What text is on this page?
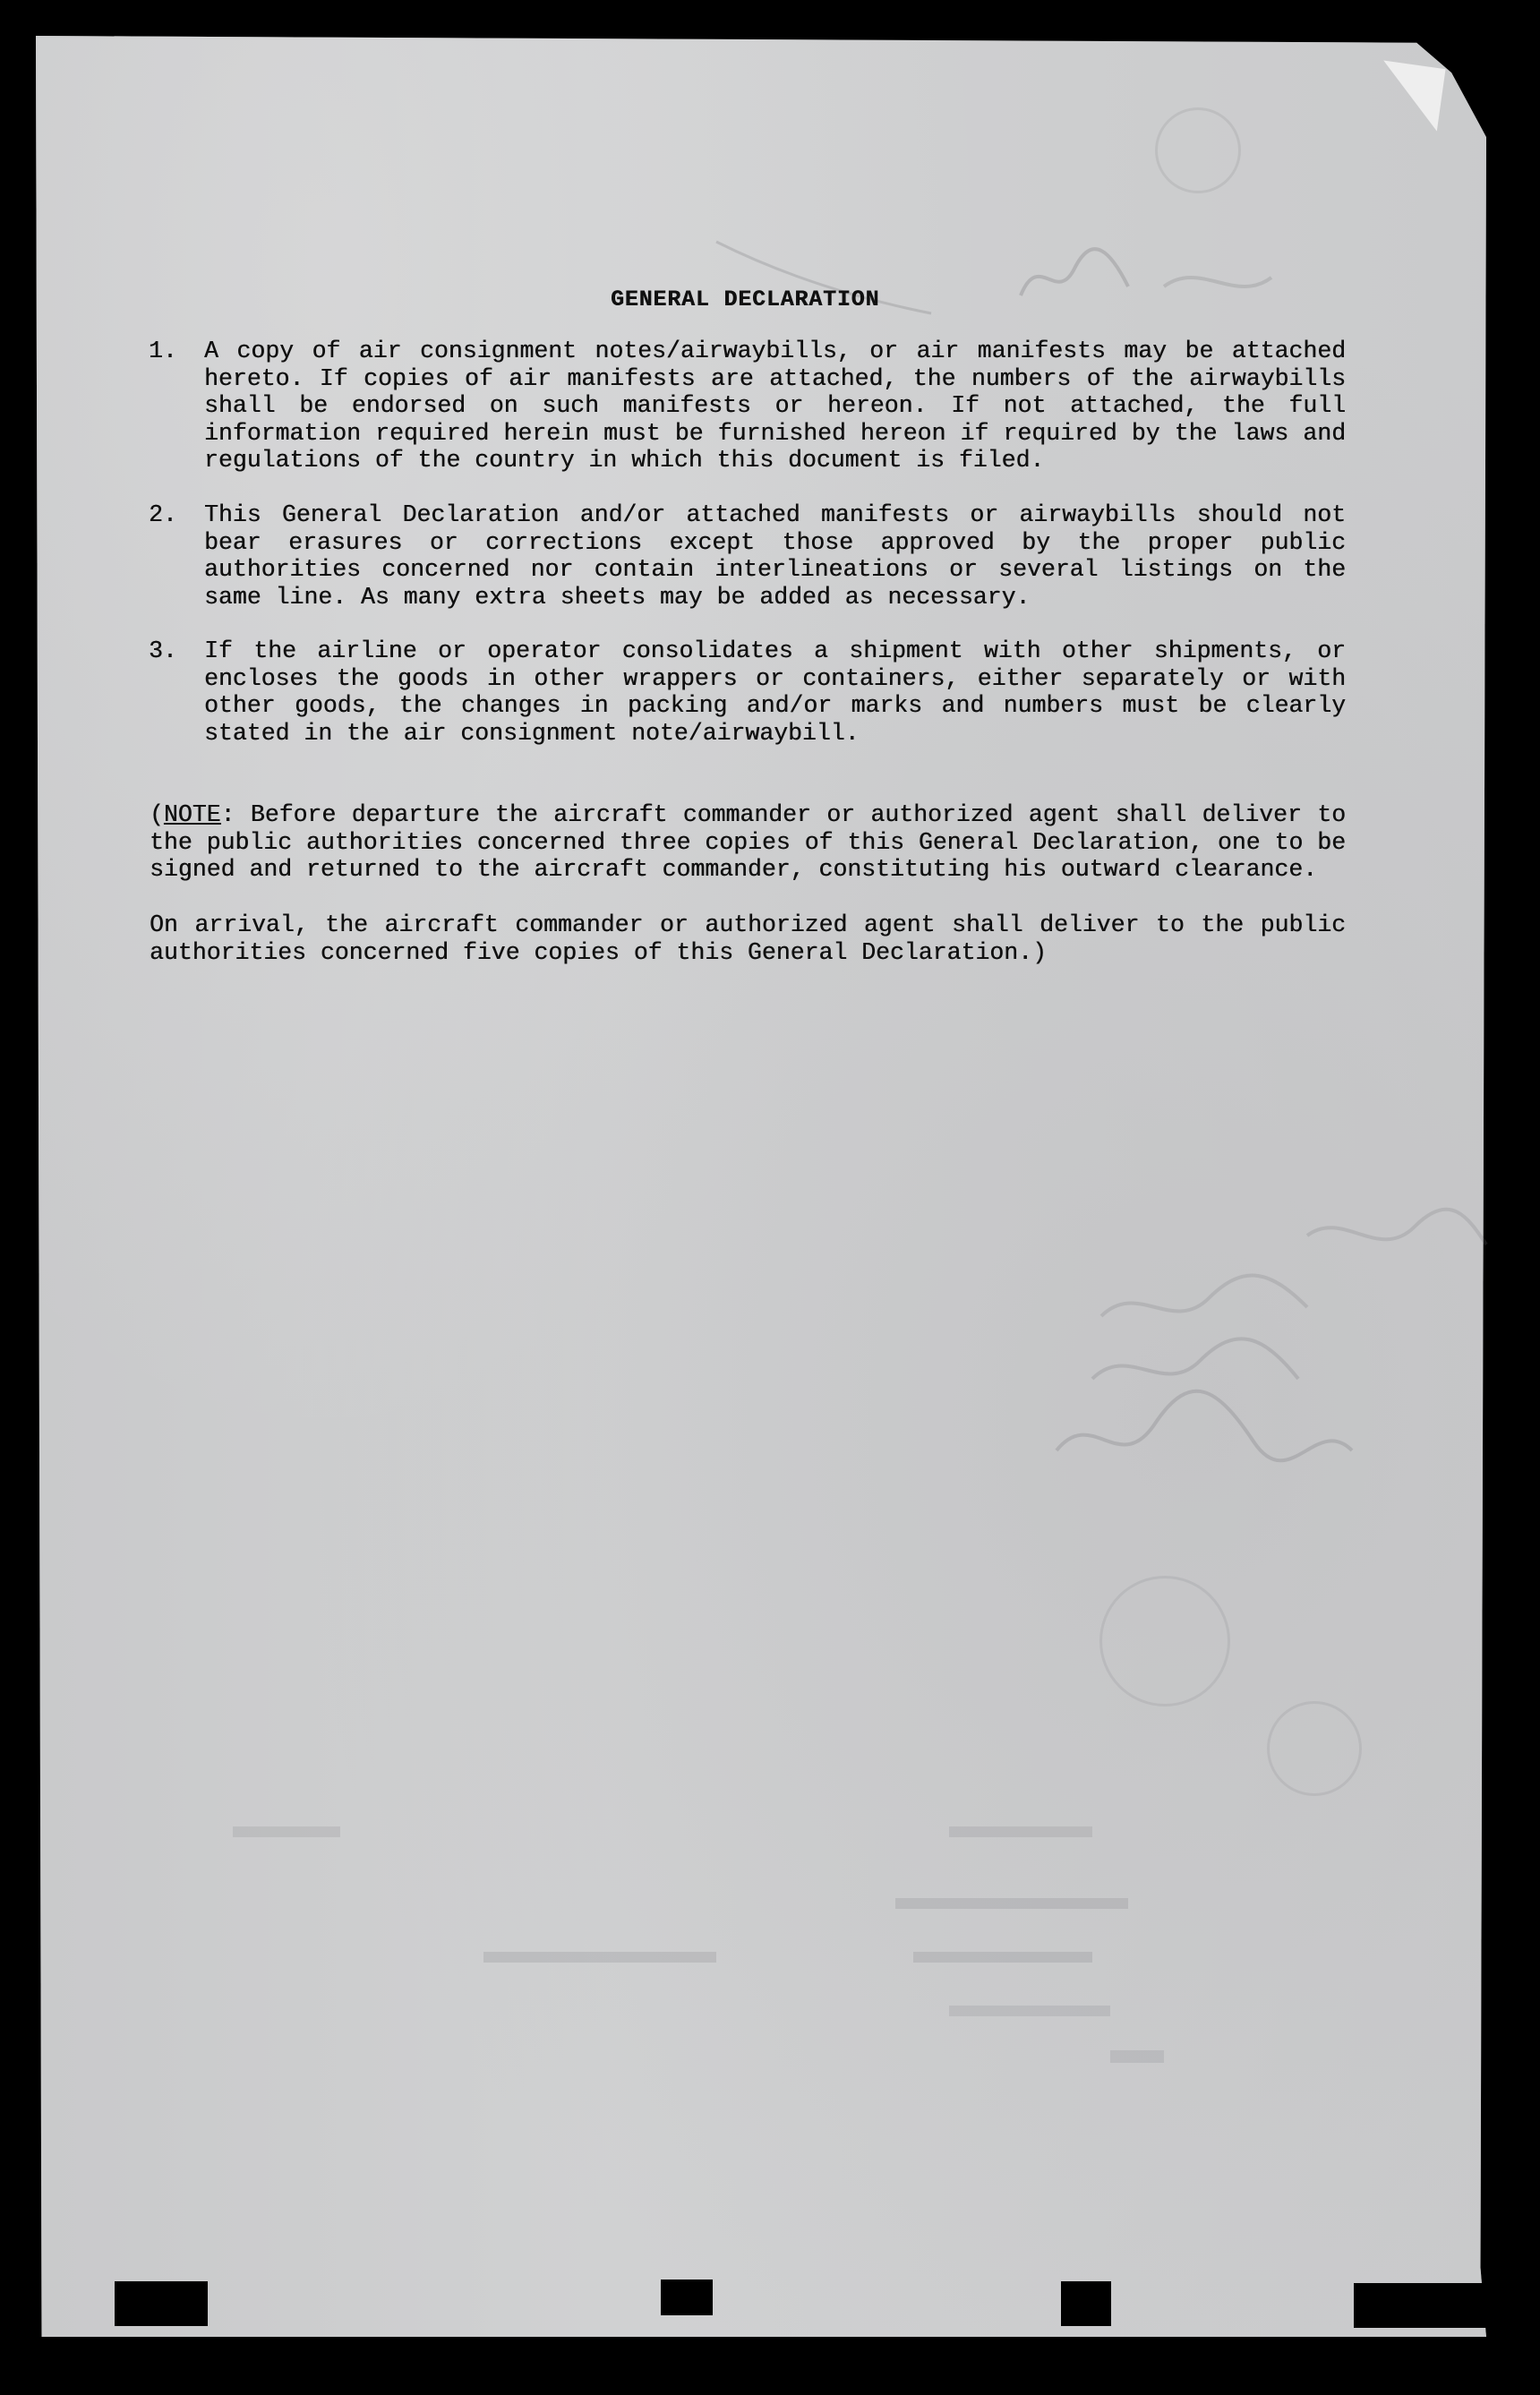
GENERAL DECLARATION
1. A copy of air consignment notes/airwaybills, or air manifests may be attached hereto. If copies of air manifests are attached, the numbers of the airwaybills shall be endorsed on such manifests or hereon. If not attached, the full information required herein must be furnished hereon if required by the laws and regulations of the country in which this document is filed.
2. This General Declaration and/or attached manifests or airwaybills should not bear erasures or corrections except those approved by the proper public authorities concerned nor contain interlineations or several listings on the same line. As many extra sheets may be added as necessary.
3. If the airline or operator consolidates a shipment with other shipments, or encloses the goods in other wrappers or containers, either separately or with other goods, the changes in packing and/or marks and numbers must be clearly stated in the air consignment note/airwaybill.
(NOTE: Before departure the aircraft commander or authorized agent shall deliver to the public authorities concerned three copies of this General Declaration, one to be signed and returned to the aircraft commander, constituting his outward clearance.
On arrival, the aircraft commander or authorized agent shall deliver to the public authorities concerned five copies of this General Declaration.)
